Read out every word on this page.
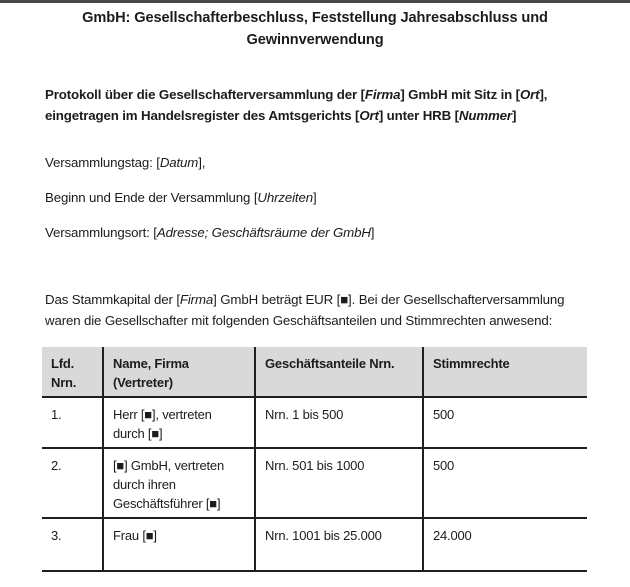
GmbH: Gesellschafterbeschluss, Feststellung Jahresabschluss und
Gewinnverwendung
Protokoll über die Gesellschafterversammlung der [Firma] GmbH mit Sitz in [Ort],
eingetragen im Handelsregister des Amtsgerichts [Ort] unter HRB [Nummer]
Versammlungstag: [Datum],
Beginn und Ende der Versammlung [Uhrzeiten]
Versammlungsort: [Adresse; Geschäftsräume der GmbH]
Das Stammkapital der [Firma] GmbH beträgt EUR [■]. Bei der Gesellschafterversammlung
waren die Gesellschafter mit folgenden Geschäftsanteilen und Stimmrechten anwesend:
Lfd. Nrn.	Name, Firma (Vertreter)	Geschäftsanteile Nrn.	Stimmrechte
1.	Herr [■], vertreten durch [■]	Nrn. 1 bis 500	500
2.	[■] GmbH, vertreten durch ihren Geschäftsführer [■]	Nrn. 501 bis 1000	500
3.	Frau [■]	Nrn. 1001 bis 25.000	24.000
